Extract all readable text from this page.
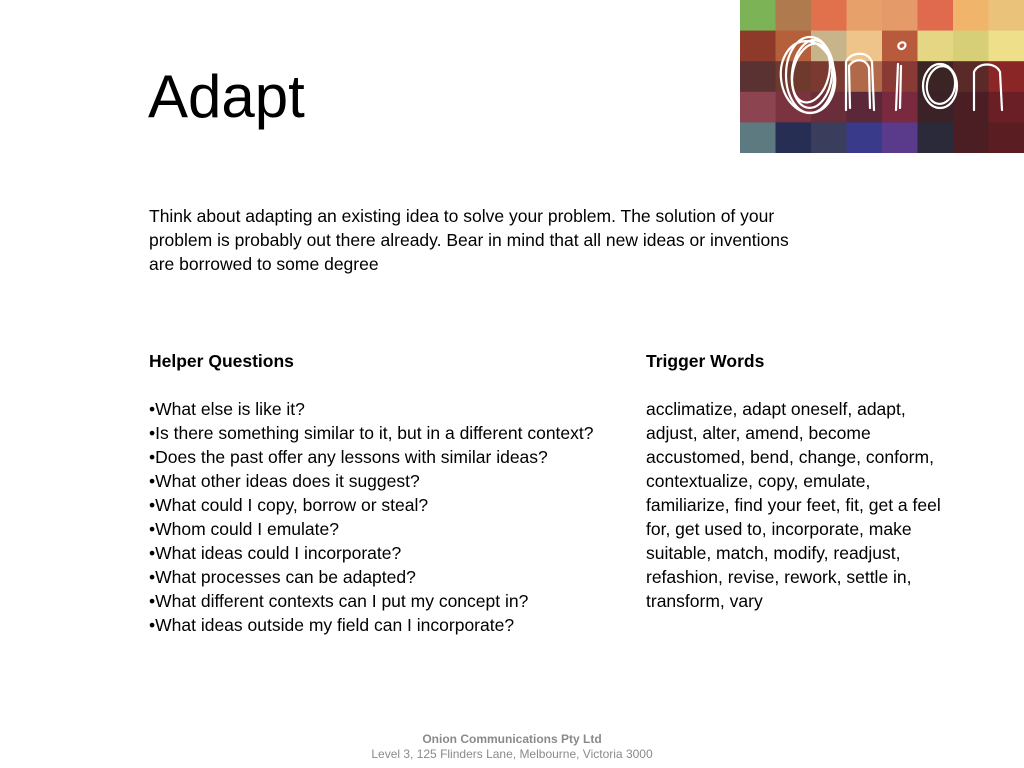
Adapt

Think about adapting an existing idea to solve your problem. The solution of your problem is probably out there already. Bear in mind that all new ideas or inventions are borrowed to some degree

Helper Questions
•What else is like it?
•Is there something similar to it, but in a different context?
•Does the past offer any lessons with similar ideas?
•What other ideas does it suggest?
•What could I copy, borrow or steal?
•Whom could I emulate?
•What ideas could I incorporate?
•What processes can be adapted?
•What different contexts can I put my concept in?
•What ideas outside my field can I incorporate?
Trigger Words

acclimatize, adapt oneself, adapt, adjust, alter, amend, become accustomed, bend, change, conform, contextualize, copy, emulate, familiarize, find your feet, fit, get a feel for, get used to, incorporate, make suitable, match, modify, readjust, refashion, revise, rework, settle in, transform, vary

Onion Communications Pty Ltd
Level 3, 125 Flinders Lane, Melbourne, Victoria 3000
